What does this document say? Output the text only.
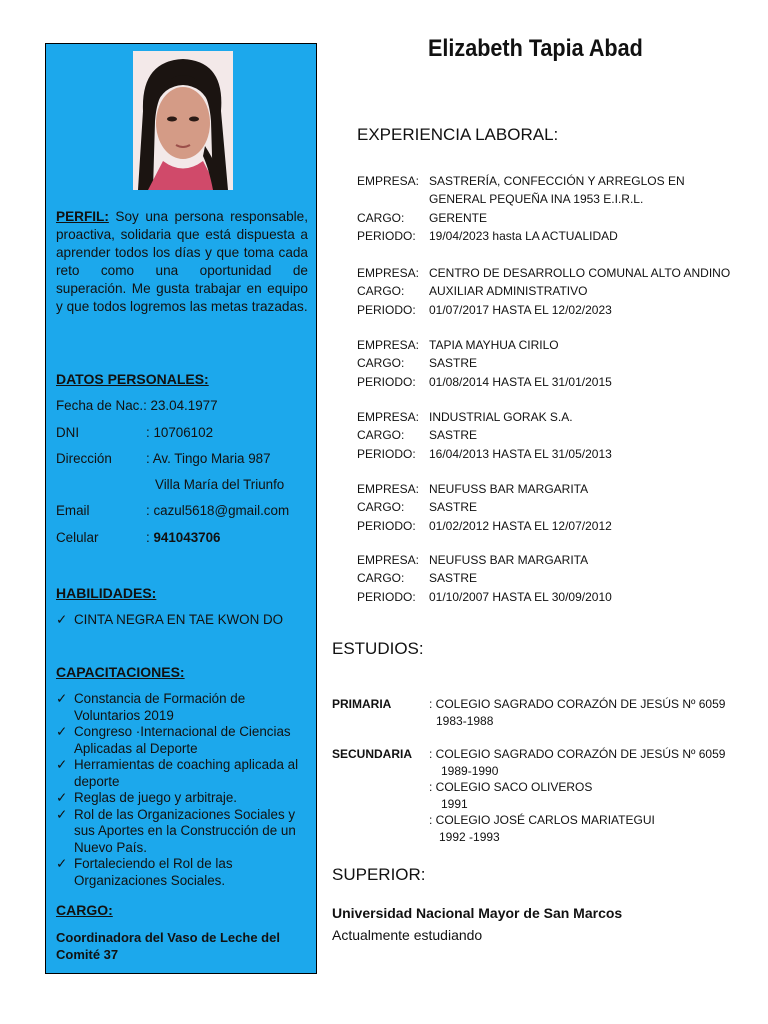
PERFIL: Soy una persona responsable, proactiva, solidaria que está dispuesta a aprender todos los días y que toma cada reto como una oportunidad de superación. Me gusta trabajar en equipo y que todos logremos las metas trazadas.
DATOS PERSONALES:
Fecha de Nac.: 23.04.1977
DNI	: 10706102
Dirección	: Av. Tingo Maria 987
Villa María del Triunfo
Email	: cazul5618@gmail.com
Celular	: 941043706
HABILIDADES:
✓ CINTA NEGRA EN TAE KWON DO
CAPACITACIONES:
✓ Constancia de Formación de Voluntarios 2019
✓ Congreso ·Internacional de Ciencias Aplicadas al Deporte
✓ Herramientas de coaching aplicada al deporte
✓ Reglas de juego y arbitraje.
✓ Rol de las Organizaciones Sociales y sus Aportes en la Construcción de un Nuevo País.
✓ Fortaleciendo el Rol de las Organizaciones Sociales.
CARGO:
Coordinadora del Vaso de Leche del Comité 37
Elizabeth Tapia Abad
EXPERIENCIA LABORAL:
EMPRESA: SASTRERÍA, CONFECCIÓN Y ARREGLOS EN
GENERAL PEQUEÑA INA 1953 E.I.R.L.
CARGO: GERENTE
PERIODO: 19/04/2023 hasta LA ACTUALIDAD
EMPRESA: CENTRO DE DESARROLLO COMUNAL ALTO ANDINO
CARGO: AUXILIAR ADMINISTRATIVO
PERIODO: 01/07/2017 HASTA EL 12/02/2023
EMPRESA: TAPIA MAYHUA CIRILO
CARGO: SASTRE
PERIODO: 01/08/2014 HASTA EL 31/01/2015
EMPRESA: INDUSTRIAL GORAK S.A.
CARGO: SASTRE
PERIODO: 16/04/2013 HASTA EL 31/05/2013
EMPRESA: NEUFUSS BAR MARGARITA
CARGO: SASTRE
PERIODO: 01/02/2012 HASTA EL 12/07/2012
EMPRESA: NEUFUSS BAR MARGARITA
CARGO: SASTRE
PERIODO: 01/10/2007 HASTA EL 30/09/2010
ESTUDIOS:
PRIMARIA	: COLEGIO SAGRADO CORAZÓN DE JESÚS Nº 6059
1983-1988
SECUNDARIA : COLEGIO SAGRADO CORAZÓN DE JESÚS Nº 6059
1989-1990
: COLEGIO SACO OLIVEROS
1991
: COLEGIO JOSÉ CARLOS MARIATEGUI
1992 -1993
SUPERIOR:
Universidad Nacional Mayor de San Marcos
Actualmente estudiando
